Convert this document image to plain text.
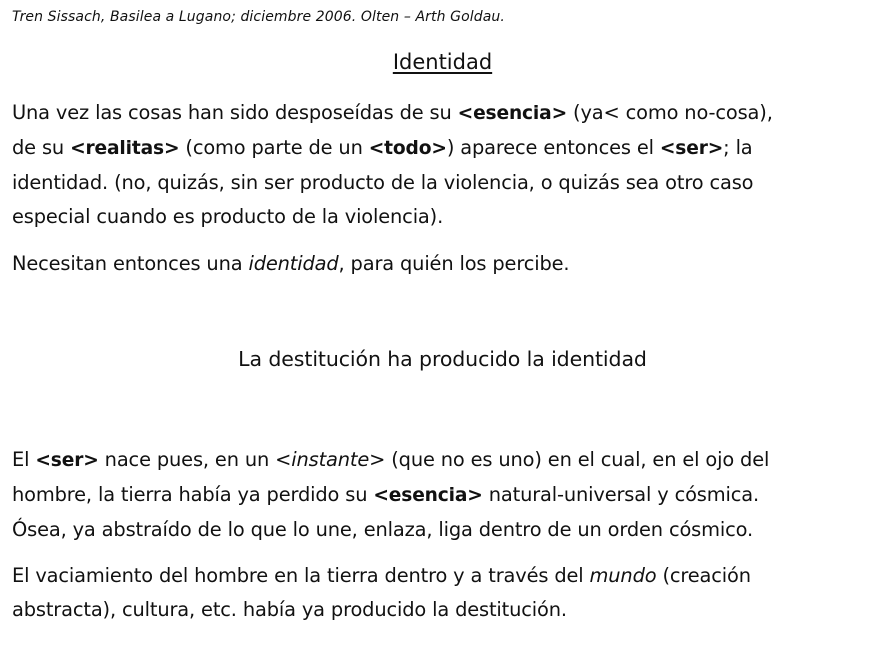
Tren Sissach, Basilea a Lugano; diciembre 2006. Olten – Arth Goldau.
Identidad
Una vez las cosas han sido desposeídas de su <esencia> (ya< como no-cosa),
de su <realitas> (como parte de un <todo>) aparece entonces el <ser>; la
identidad. (no, quizás, sin ser producto de la violencia, o quizás sea otro caso
especial cuando es producto de la violencia).
Necesitan entonces una identidad, para quién los percibe.
La destitución ha producido la identidad
El <ser> nace pues, en un <instante> (que no es uno) en el cual, en el ojo del
hombre, la tierra había ya perdido su <esencia> natural-universal y cósmica.
Ósea, ya abstraído de lo que lo une, enlaza, liga dentro de un orden cósmico.
El vaciamiento del hombre en la tierra dentro y a través del mundo (creación
abstracta), cultura, etc. había ya producido la destitución.
